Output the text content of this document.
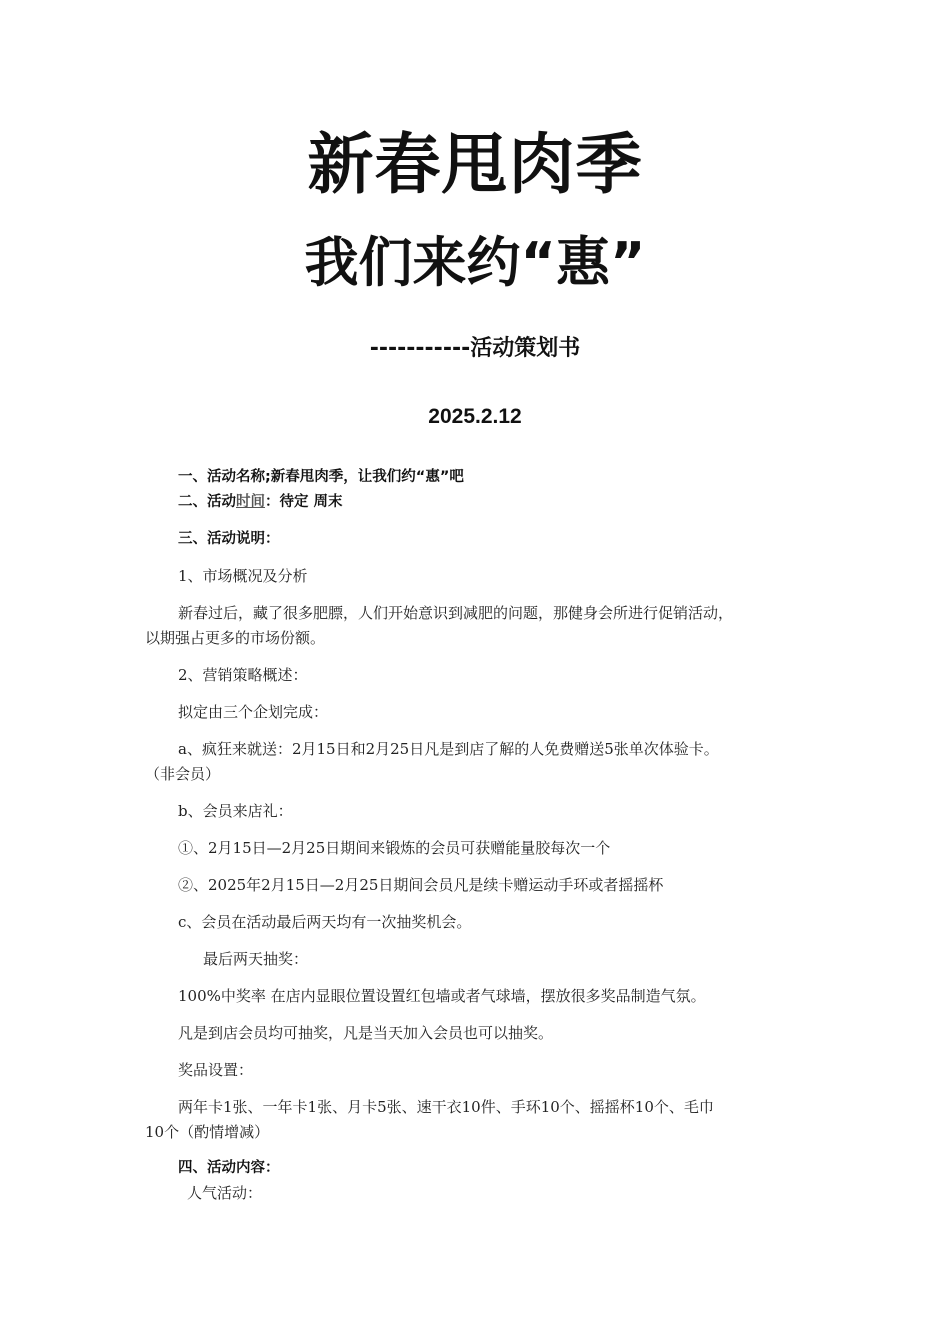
新春甩肉季
我们来约“惠”
-----------活动策划书
2025.2.12
一、活动名称;新春甩肉季，让我们约“惠”吧
二、活动时间：待定 周末
三、活动说明：
1、市场概况及分析
新春过后，藏了很多肥膘，人们开始意识到减肥的问题，那健身会所进行促销活动，
以期强占更多的市场份额。
2、营销策略概述：
拟定由三个企划完成：
a、疯狂来就送：2月15日和2月25日凡是到店了解的人免费赠送5张单次体验卡。
（非会员）
b、会员来店礼：
①、2月15日—2月25日期间来锻炼的会员可获赠能量胶每次一个
②、2025年2月15日—2月25日期间会员凡是续卡赠运动手环或者摇摇杯
c、会员在活动最后两天均有一次抽奖机会。
最后两天抽奖：
100%中奖率 在店内显眼位置设置红包墙或者气球墙，摆放很多奖品制造气氛。
凡是到店会员均可抽奖，凡是当天加入会员也可以抽奖。
奖品设置：
两年卡1张、一年卡1张、月卡5张、速干衣10件、手环10个、摇摇杯10个、毛巾
10个（酌情增减）
四、活动内容：
人气活动：
